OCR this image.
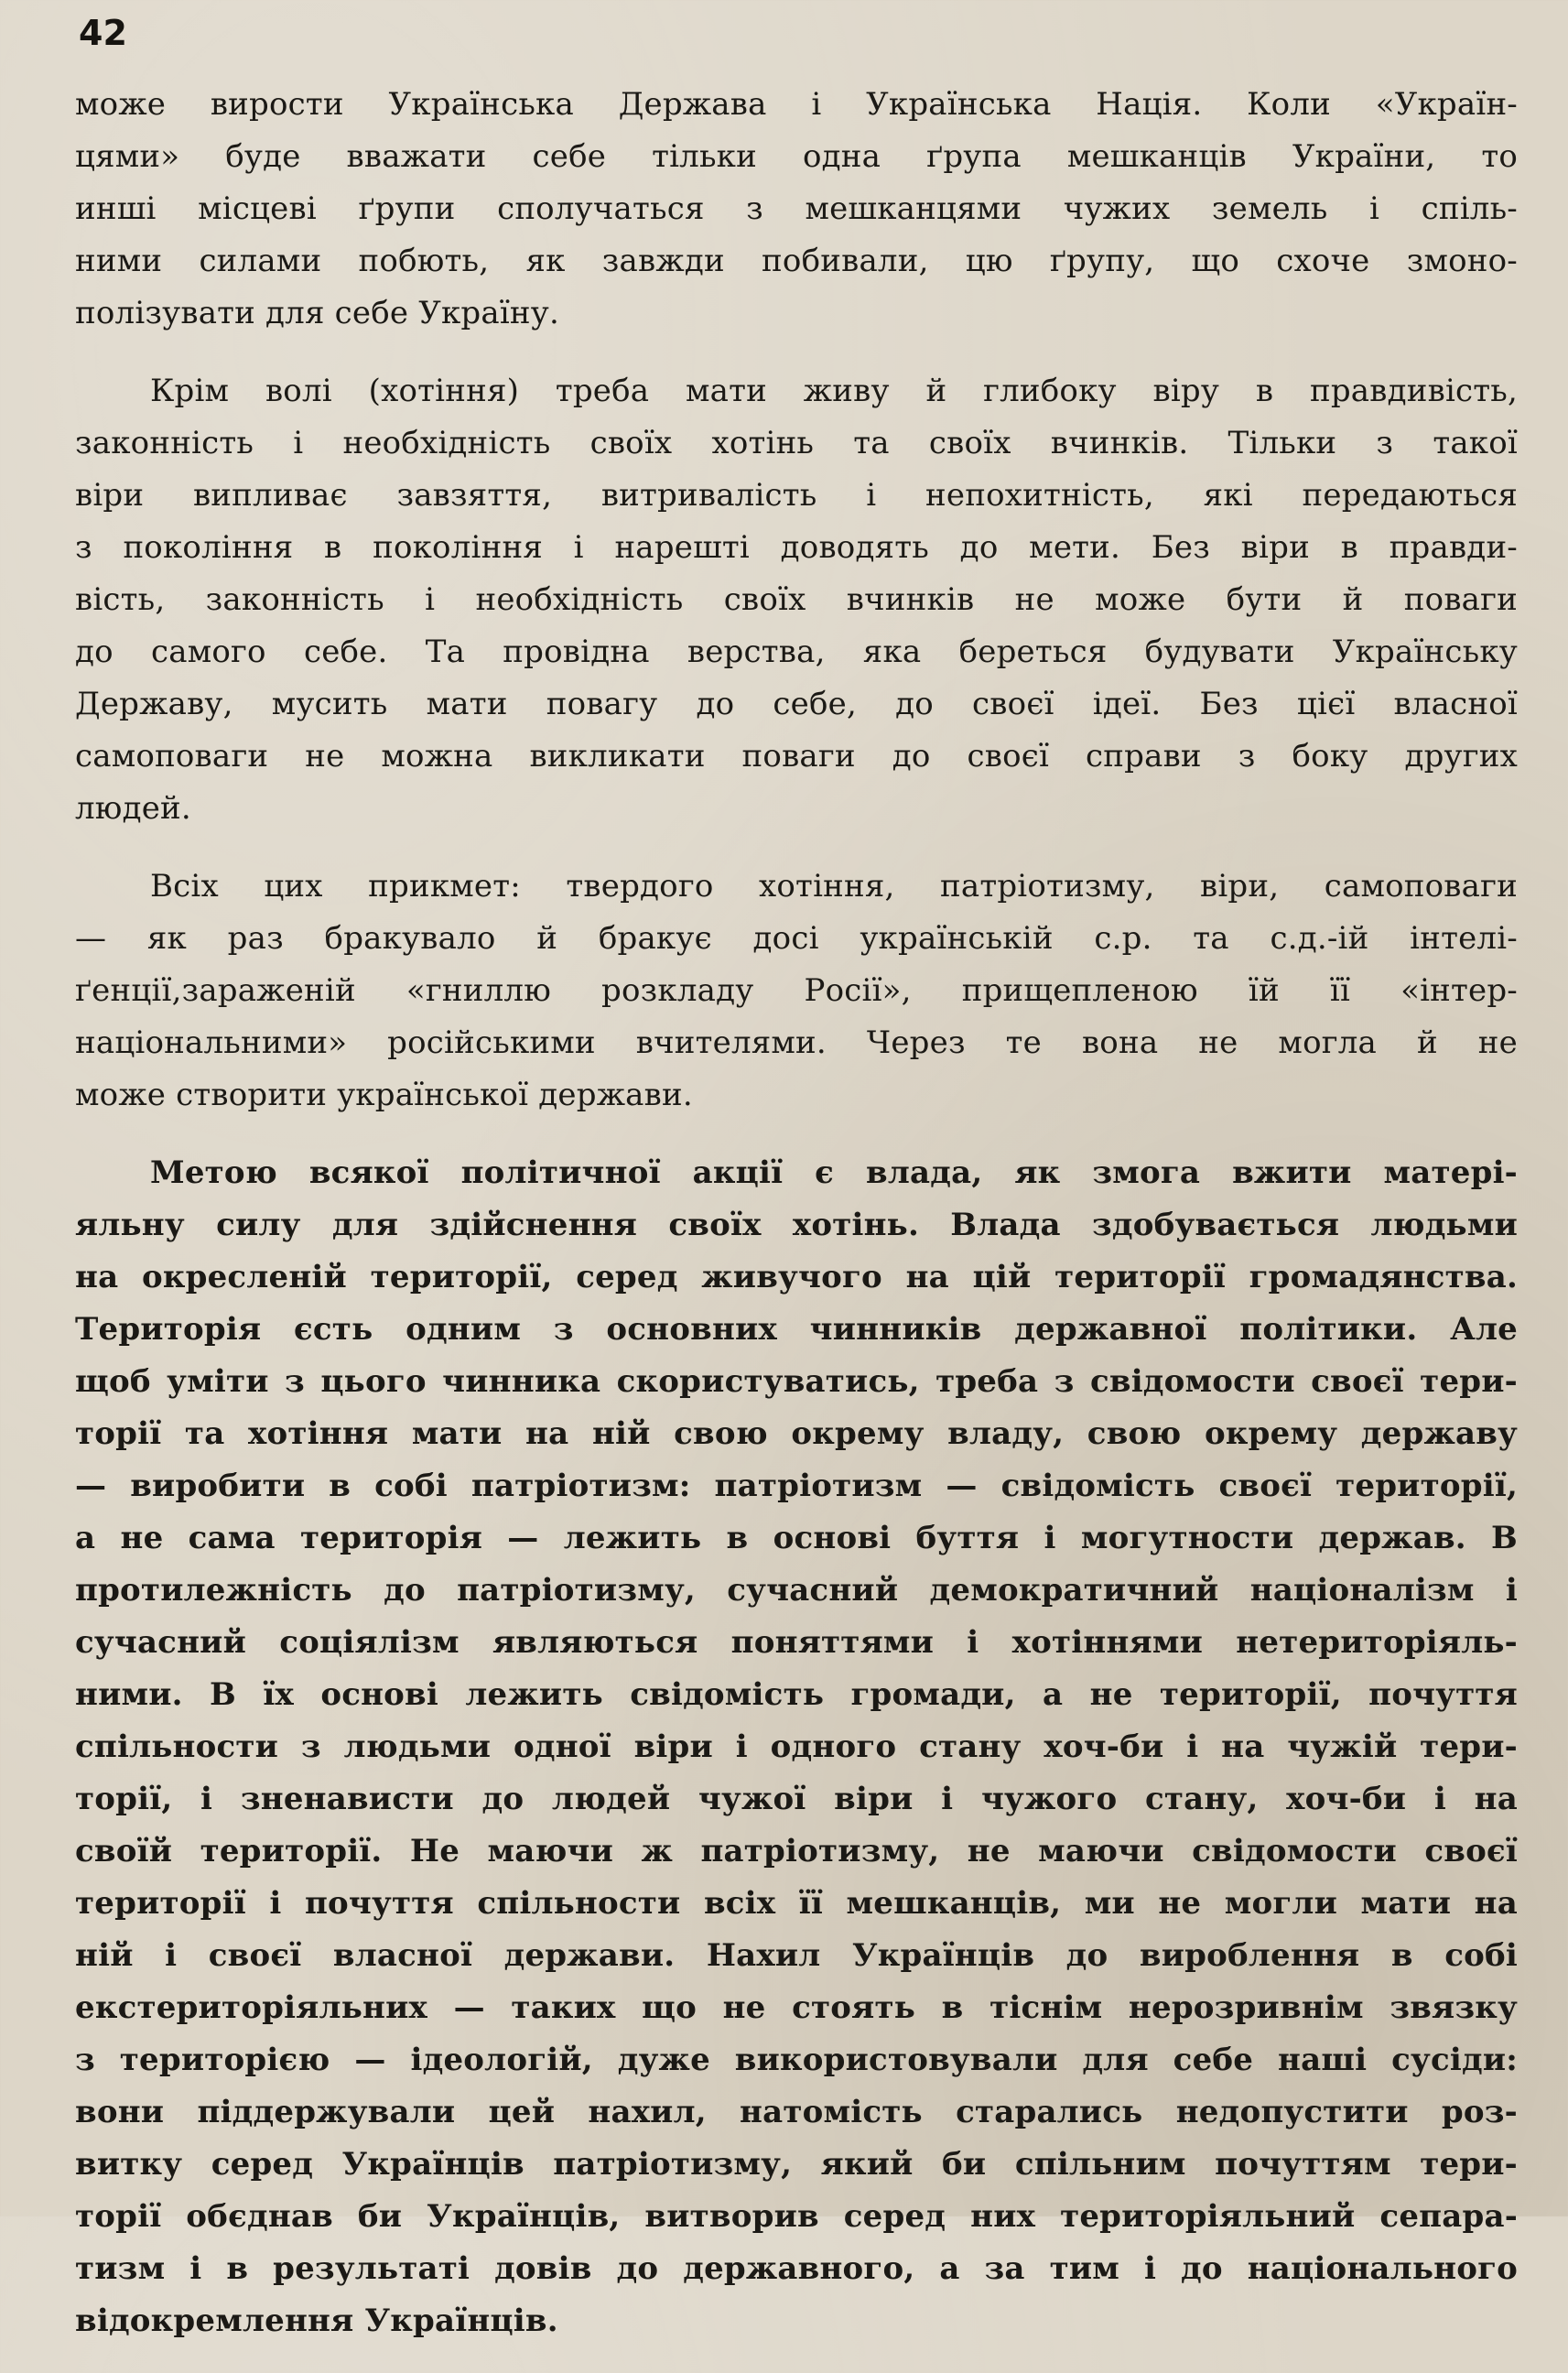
42
може вирости Українська Держава і Українська Нація. Коли «Україн-
цями» буде вважати себе тільки одна ґрупа мешканців України, то
инші місцеві ґрупи сполучаться з мешканцями чужих земель і спіль-
ними силами побють, як завжди побивали, цю ґрупу, що схоче змоно-
полізувати для себе Україну.
Крім волі (хотіння) треба мати живу й глибоку віру в правдивість,
законність і необхідність своїх хотінь та своїх вчинків. Тільки з такої
віри випливає завзяття, витривалість і непохитність, які передаються
з покоління в покоління і нарешті доводять до мети. Без віри в правди-
вість, законність і необхідність своїх вчинків не може бути й поваги
до самого себе. Та провідна верства, яка береться будувати Українську
Державу, мусить мати повагу до себе, до своєї ідеї. Без цієї власної
самоповаги не можна викликати поваги до своєї справи з боку других
людей.
Всіх цих прикмет: твердого хотіння, патріотизму, віри, самоповаги
— як раз бракувало й бракує досі українській с.р. та с.д.-ій інтелі-
ґенції,зараженій «гниллю розкладу Росії», прищепленою їй її «інтер-
національними» російськими вчителями. Через те вона не могла й не
може створити української держави.
Метою всякої політичної акції є влада, як змога вжити матері-
яльну силу для здійснення своїх хотінь. Влада здобувається людьми
на окресленій території, серед живучого на цій території громадянства.
Територія єсть одним з основних чинників державної політики. Але
щоб уміти з цього чинника скористуватись, треба з свідомости своєї тери-
торії та хотіння мати на ній свою окрему владу, свою окрему державу
— виробити в собі патріотизм: патріотизм — свідомість своєї території,
а не сама територія — лежить в основі буття і могутности держав. В
протилежність до патріотизму, сучасний демократичний націоналізм і
сучасний соціялізм являються поняттями і хотіннями нетериторіяль-
ними. В їх основі лежить свідомість громади, а не території, почуття
спільности з людьми одної віри і одного стану хоч-би і на чужій тери-
торії, і зненависти до людей чужої віри і чужого стану, хоч-би і на
своїй території. Не маючи ж патріотизму, не маючи свідомости своєї
території і почуття спільности всіх її мешканців, ми не могли мати на
ній і своєї власної держави. Нахил Українців до вироблення в собі
екстериторіяльних — таких що не стоять в тіснім нерозривнім звязку
з територією — ідеологій, дуже використовували для себе наші сусіди:
вони піддержували цей нахил, натомість старались недопустити роз-
витку серед Українців патріотизму, який би спільним почуттям тери-
торії обєднав би Українців, витворив серед них територіяльний сепара-
тизм і в результаті довів до державного, а за тим і до національного
відокремлення Українців.
